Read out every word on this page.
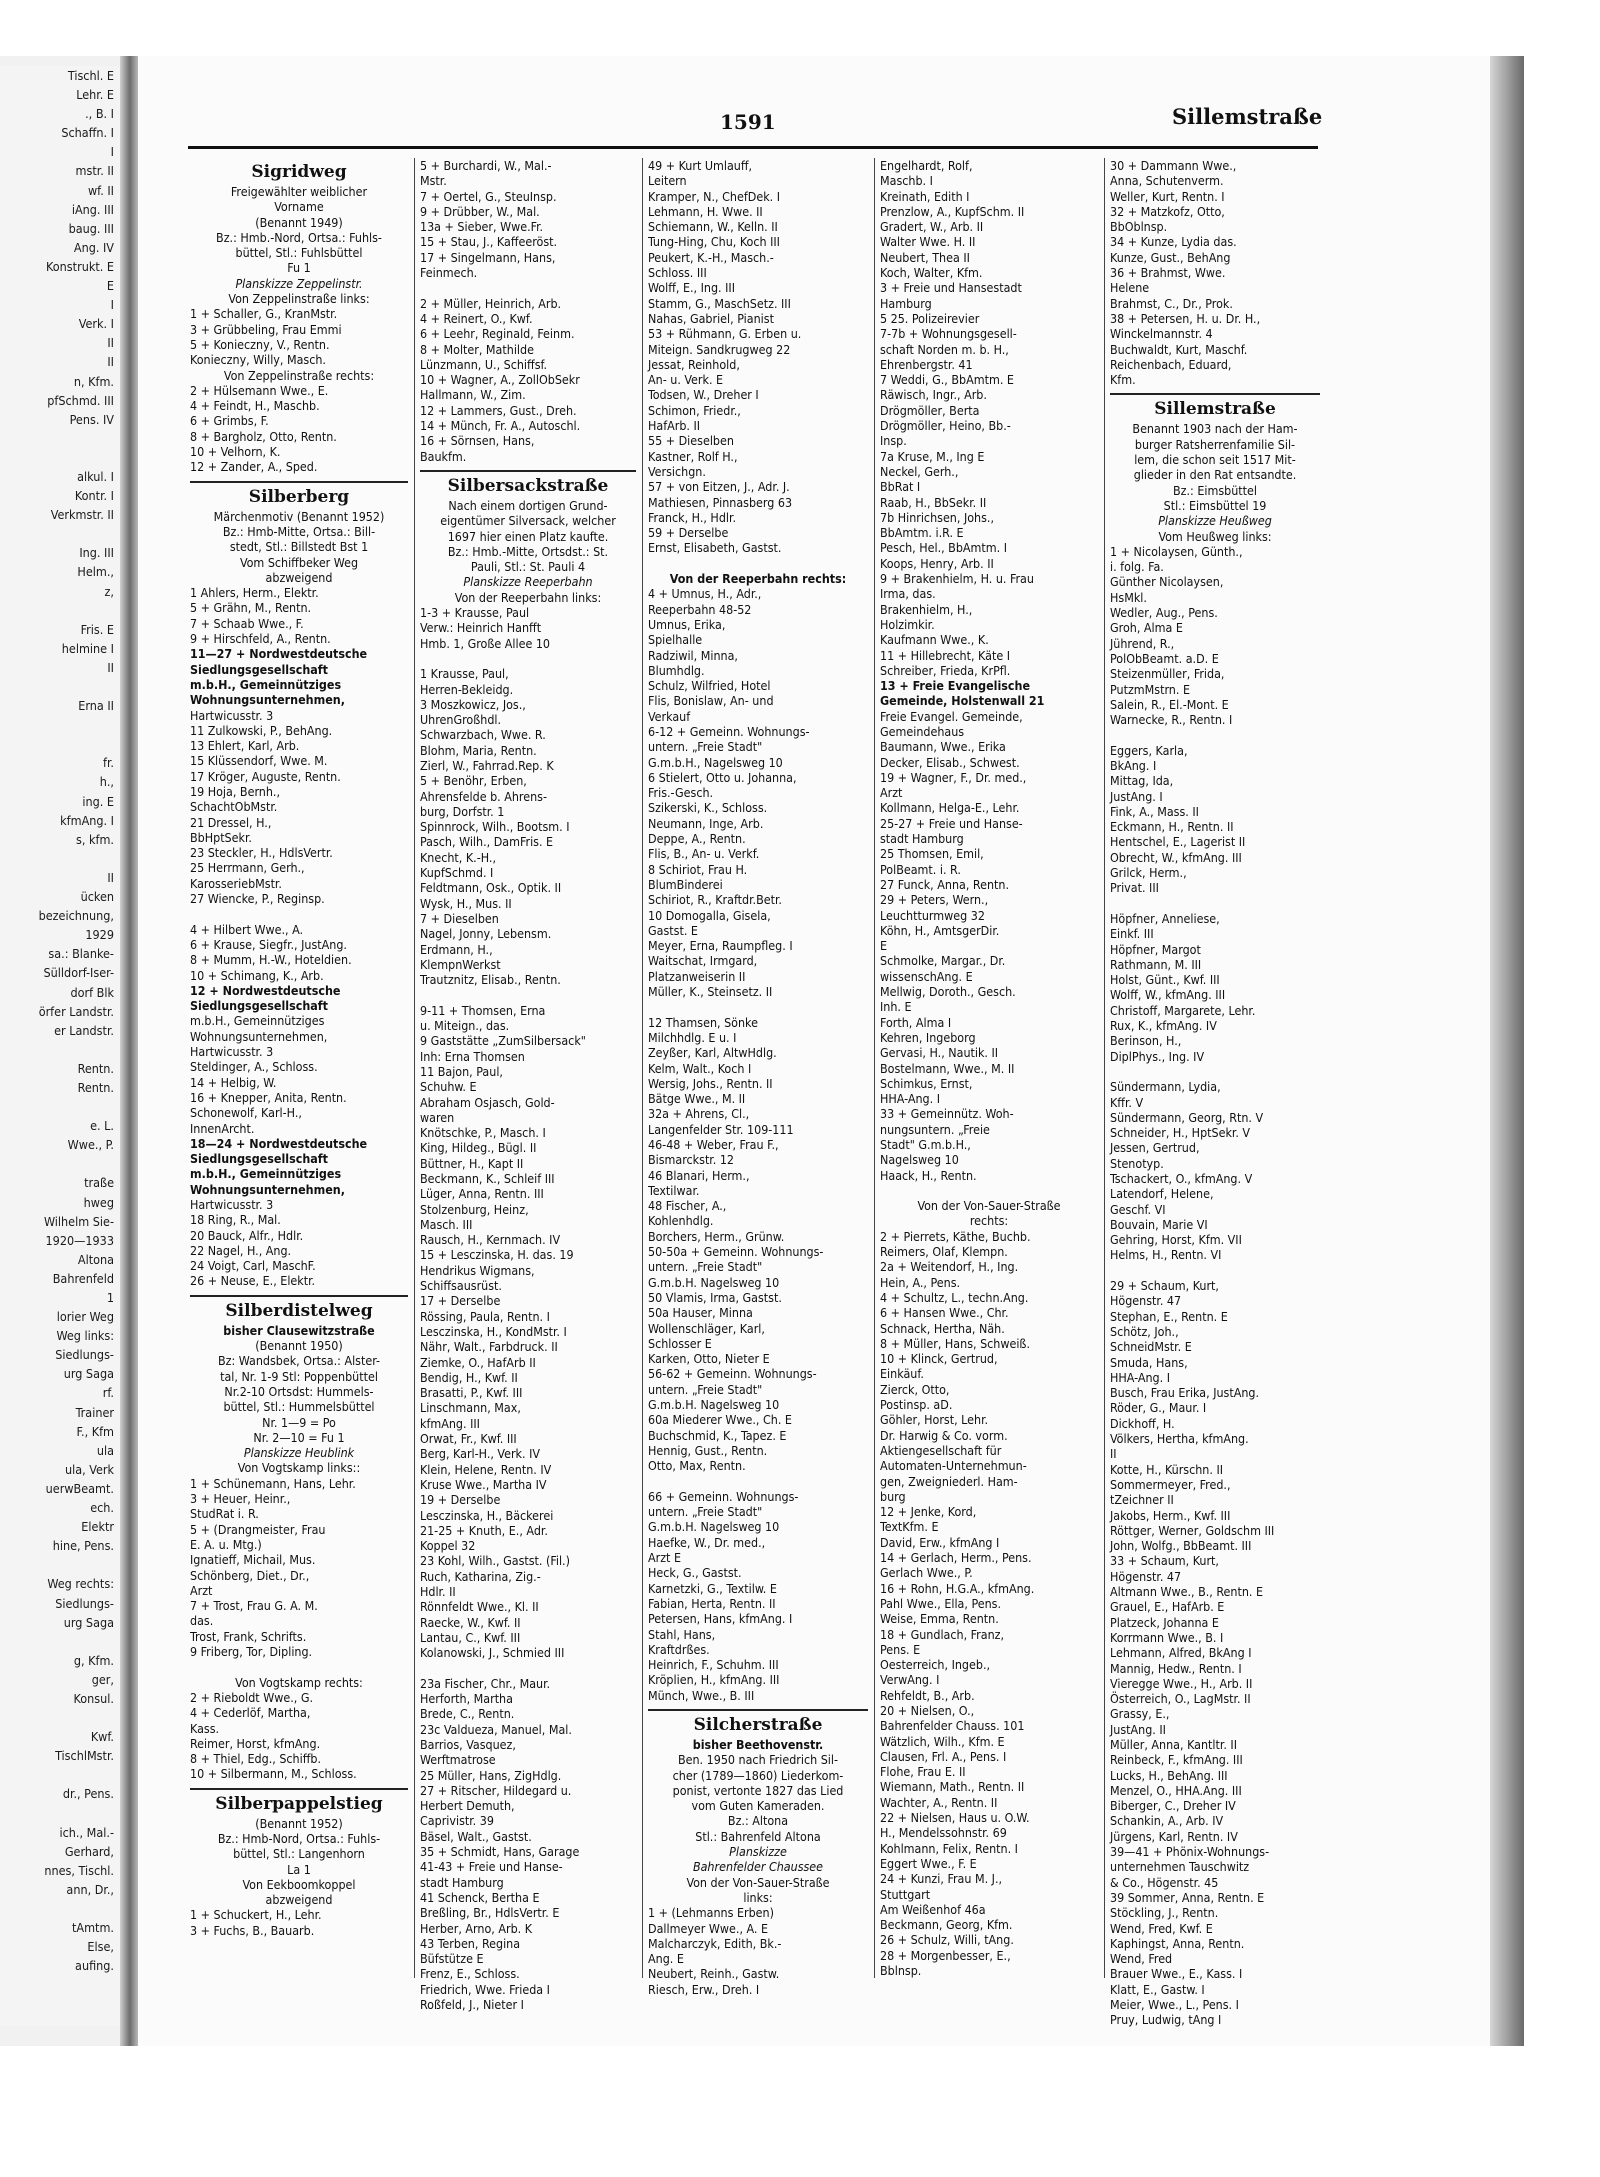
Tischl. E
Lehr. E
., B. I
Schaffn. I
I
mstr. II
wf. II
iAng. III
baug. III
Ang. IV
Konstrukt. E
E
I
Verk. I
II
II
n, Kfm.
pfSchmd. III
Pens. IV

alkul. I
Kontr. I
Verkmstr. II

Ing. III
Helm.,
z,

Fris. E
helmine I
II

Erna II

fr.
h.,
ing. E
kfmAng. I
s, kfm.

II
ücken
bezeichnung,
1929
sa.: Blanke-
Sülldorf-Iser-
dorf Blk
örfer Landstr.
er Landstr.

Rentn.
Rentn.

e. L.
Wwe., P.

traße
hweg
Wilhelm Sie-
1920—1933
Altona
Bahrenfeld
1
lorier Weg
Weg links:
Siedlungs-
urg Saga
rf.
Trainer
F., Kfm
ula
ula, Verk
uerwBeamt.
ech.
Elektr
hine, Pens.

Weg rechts:
Siedlungs-
urg Saga

g, Kfm.
ger,
Konsul.

Kwf.
TischlMstr.

dr., Pens.

ich., Mal.-
Gerhard,
nnes, Tischl.
ann, Dr.,

tAmtm.
Else,
aufing.
1591	Sillemstraße
Sigridweg
Freigewählter weiblicher
Vorname
(Benannt 1949)
Bz.: Hmb.-Nord, Ortsa.: Fuhls-
büttel, Stl.: Fuhlsbüttel
Fu 1
Planskizze Zeppelinstr.
Von Zeppelinstraße links:
1 + Schaller, G., KranMstr.
3 + Grübbeling, Frau Emmi
5 + Konieczny, V., Rentn.
Konieczny, Willy, Masch.
Von Zeppelinstraße rechts:
2 + Hülsemann Wwe., E.
4 + Feindt, H., Maschb.
6 + Grimbs, F.
8 + Bargholz, Otto, Rentn.
10 + Velhorn, K.
12 + Zander, A., Sped.
Silberberg
Märchenmotiv (Benannt 1952)
Bz.: Hmb-Mitte, Ortsa.: Bill-
stedt, Stl.: Billstedt Bst 1
Vom Schiffbeker Weg
abzweigend
1 Ahlers, Herm., Elektr.
5 + Grähn, M., Rentn.
7 + Schaab Wwe., F.
9 + Hirschfeld, A., Rentn.
11—27 + Nordwestdeutsche
Siedlungsgesellschaft
m.b.H., Gemeinnütziges
Wohnungsunternehmen,
Hartwicusstr. 3
11 Zulkowski, P., BehAng.
13 Ehlert, Karl, Arb.
15 Klüssendorf, Wwe. M.
17 Kröger, Auguste, Rentn.
19 Hoja, Bernh.,
SchachtObMstr.
21 Dressel, H.,
BbHptSekr.
23 Steckler, H., HdlsVertr.
25 Herrmann, Gerh.,
KarosseriebMstr.
27 Wiencke, P., Reginsp.

4 + Hilbert Wwe., A.
6 + Krause, Siegfr., JustAng.
8 + Mumm, H.-W., Hoteldien.
10 + Schimang, K., Arb.
12 + Nordwestdeutsche
Siedlungsgesellschaft
m.b.H., Gemeinnütziges
Wohnungsunternehmen,
Hartwicusstr. 3
Steldinger, A., Schloss.
14 + Helbig, W.
16 + Knepper, Anita, Rentn.
Schonewolf, Karl-H.,
InnenArcht.
18—24 + Nordwestdeutsche
Siedlungsgesellschaft
m.b.H., Gemeinnütziges
Wohnungsunternehmen,
Hartwicusstr. 3
18 Ring, R., Mal.
20 Bauck, Alfr., Hdlr.
22 Nagel, H., Ang.
24 Voigt, Carl, MaschF.
26 + Neuse, E., Elektr.
Silberdistelweg
bisher Clausewitzstraße
(Benannt 1950)
Bz: Wandsbek, Ortsa.: Alster-
tal, Nr. 1-9 Stl: Poppenbüttel
Nr.2-10 Ortsdst: Hummels-
büttel, Stl.: Hummelsbüttel
Nr. 1—9 = Po
Nr. 2—10 = Fu 1
Planskizze Heublink
Von Vogtskamp links::
1 + Schünemann, Hans, Lehr.
3 + Heuer, Heinr.,
StudRat i. R.
5 + (Drangmeister, Frau
E. A. u. Mtg.)
Ignatieff, Michail, Mus.
Schönberg, Diet., Dr.,
Arzt
7 + Trost, Frau G. A. M.
das.
Trost, Frank, Schrifts.
9 Friberg, Tor, Dipling.

Von Vogtskamp rechts:
2 + Rieboldt Wwe., G.
4 + Cederlöf, Martha,
Kass.
Reimer, Horst, kfmAng.
8 + Thiel, Edg., Schiffb.
10 + Silbermann, M., Schloss.
Silberpappelstieg
(Benannt 1952)
Bz.: Hmb-Nord, Ortsa.: Fuhls-
büttel, Stl.: Langenhorn
La 1
Von Eekboomkoppel
abzweigend
1 + Schuckert, H., Lehr.
3 + Fuchs, B., Bauarb.
5 + Burchardi, W., Mal.-
Mstr.
7 + Oertel, G., SteuInsp.
9 + Drübber, W., Mal.
13a + Sieber, Wwe.Fr.
15 + Stau, J., Kaffeeröst.
17 + Singelmann, Hans,
Feinmech.

2 + Müller, Heinrich, Arb.
4 + Reinert, O., Kwf.
6 + Leehr, Reginald, Feinm.
8 + Molter, Mathilde
Lünzmann, U., Schiffsf.
10 + Wagner, A., ZollObSekr
Hallmann, W., Zim.
12 + Lammers, Gust., Dreh.
14 + Münch, Fr. A., Autoschl.
16 + Sörnsen, Hans,
Baukfm.
Silbersackstraße
Nach einem dortigen Grund-
eigentümer Silversack, welcher
1697 hier einen Platz kaufte.
Bz.: Hmb.-Mitte, Ortsdst.: St.
Pauli, Stl.: St. Pauli 4
Planskizze Reeperbahn
Von der Reeperbahn links:
1-3 + Krausse, Paul
Verw.: Heinrich Hanfft
Hmb. 1, Große Allee 10

1 Krausse, Paul,
Herren-Bekleidg.
3 Moszkowicz, Jos.,
UhrenGroßhdl.
Schwarzbach, Wwe. R.
Blohm, Maria, Rentn.
Zierl, W., Fahrrad.Rep. K
5 + Benöhr, Erben,
Ahrensfelde b. Ahrens-
burg, Dorfstr. 1
Spinnrock, Wilh., Bootsm. I
Pasch, Wilh., DamFris. E
Knecht, K.-H.,
KupfSchmd. I
Feldtmann, Osk., Optik. II
Wysk, H., Mus. II
7 + Dieselben
Nagel, Jonny, Lebensm.
Erdmann, H.,
KlempnWerkst
Trautznitz, Elisab., Rentn.

9-11 + Thomsen, Erna
u. Miteign., das.
9 Gaststätte „ZumSilbersack"
Inh: Erna Thomsen
11 Bajon, Paul,
Schuhw. E
Abraham Osjasch, Gold-
waren
Knötschke, P., Masch. I
King, Hildeg., Bügl. II
Büttner, H., Kapt II
Beckmann, K., Schleif III
Lüger, Anna, Rentn. III
Stolzenburg, Heinz,
Masch. III
Rausch, H., Kernmach. IV
15 + Lesczinska, H. das. 19
Hendrikus Wigmans,
Schiffsausrüst.
17 + Derselbe
Rössing, Paula, Rentn. I
Lesczinska, H., KondMstr. I
Nähr, Walt., Farbdruck. II
Ziemke, O., HafArb II
Bendig, H., Kwf. II
Brasatti, P., Kwf. III
Linschmann, Max,
kfmAng. III
Orwat, Fr., Kwf. III
Berg, Karl-H., Verk. IV
Klein, Helene, Rentn. IV
Kruse Wwe., Martha IV
19 + Derselbe
Lesczinska, H., Bäckerei
21-25 + Knuth, E., Adr.
Koppel 32
23 Kohl, Wilh., Gastst. (Fil.)
Ruch, Katharina, Zig.-
Hdlr. II
Rönnfeldt Wwe., Kl. II
Raecke, W., Kwf. II
Lantau, C., Kwf. III
Kolanowski, J., Schmied III

23a Fischer, Chr., Maur.
Herforth, Martha
Brede, C., Rentn.
23c Valdueza, Manuel, Mal.
Barrios, Vasquez,
Werftmatrose
25 Müller, Hans, ZigHdlg.
27 + Ritscher, Hildegard u.
Herbert Demuth,
Caprivistr. 39
Bäsel, Walt., Gastst.
35 + Schmidt, Hans, Garage
41-43 + Freie und Hanse-
stadt Hamburg
41 Schenck, Bertha E
Breßling, Br., HdlsVertr. E
Herber, Arno, Arb. K
43 Terben, Regina
Büfstütze E
Frenz, E., Schloss.
Friedrich, Wwe. Frieda I
Roßfeld, J., Nieter I
49 + Kurt Umlauff,
Leitern
Kramper, N., ChefDek. I
Lehmann, H. Wwe. II
Schiemann, W., Kelln. II
Tung-Hing, Chu, Koch III
Peukert, K.-H., Masch.-
Schloss. III
Wolff, E., Ing. III
Stamm, G., MaschSetz. III
Nahas, Gabriel, Pianist
53 + Rühmann, G. Erben u.
Miteign. Sandkrugweg 22
Jessat, Reinhold,
An- u. Verk. E
Todsen, W., Dreher I
Schimon, Friedr.,
HafArb. II
55 + Dieselben
Kastner, Rolf H.,
Versichgn.
57 + von Eitzen, J., Adr. J.
Mathiesen, Pinnasberg 63
Franck, H., Hdlr.
59 + Derselbe
Ernst, Elisabeth, Gastst.

Von der Reeperbahn rechts:
4 + Umnus, H., Adr.,
Reeperbahn 48-52
Umnus, Erika,
Spielhalle
Radziwil, Minna,
Blumhdlg.
Schulz, Wilfried, Hotel
Flis, Bonislaw, An- und
Verkauf
6-12 + Gemeinn. Wohnungs-
untern. „Freie Stadt"
G.m.b.H., Nagelsweg 10
6 Stielert, Otto u. Johanna,
Fris.-Gesch.
Szikerski, K., Schloss.
Neumann, Inge, Arb.
Deppe, A., Rentn.
Flis, B., An- u. Verkf.
8 Schiriot, Frau H.
BlumBinderei
Schiriot, R., Kraftdr.Betr.
10 Domogalla, Gisela,
Gastst. E
Meyer, Erna, Raumpfleg. I
Waitschat, Irmgard,
Platzanweiserin II
Müller, K., Steinsetz. II

12 Thamsen, Sönke
Milchhdlg. E u. I
Zeyßer, Karl, AltwHdlg.
Kelm, Walt., Koch I
Wersig, Johs., Rentn. II
Bätge Wwe., M. II
32a + Ahrens, Cl.,
Langenfelder Str. 109-111
46-48 + Weber, Frau F.,
Bismarckstr. 12
46 Blanari, Herm.,
Textilwar.
48 Fischer, A.,
Kohlenhdlg.
Borchers, Herm., Grünw.
50-50a + Gemeinn. Wohnungs-
untern. „Freie Stadt"
G.m.b.H. Nagelsweg 10
50 Vlamis, Irma, Gastst.
50a Hauser, Minna
Wollenschläger, Karl,
Schlosser E
Karken, Otto, Nieter E
56-62 + Gemeinn. Wohnungs-
untern. „Freie Stadt"
G.m.b.H. Nagelsweg 10
60a Miederer Wwe., Ch. E
Buchschmid, K., Tapez. E
Hennig, Gust., Rentn.
Otto, Max, Rentn.

66 + Gemeinn. Wohnungs-
untern. „Freie Stadt"
G.m.b.H. Nagelsweg 10
Haefke, W., Dr. med.,
Arzt E
Heck, G., Gastst.
Karnetzki, G., Textilw. E
Fabian, Herta, Rentn. II
Petersen, Hans, kfmAng. I
Stahl, Hans,
Kraftdrßes.
Heinrich, F., Schuhm. III
Kröplien, H., kfmAng. III
Münch, Wwe., B. III
Silcherstraße
bisher Beethovenstr.
Ben. 1950 nach Friedrich Sil-
cher (1789—1860) Liederkom-
ponist, vertonte 1827 das Lied
vom Guten Kameraden.
Bz.: Altona
Stl.: Bahrenfeld Altona
Planskizze
Bahrenfelder Chaussee
Von der Von-Sauer-Straße
links:
1 + (Lehmanns Erben)
Dallmeyer Wwe., A. E
Malcharczyk, Edith, Bk.-
Ang. E
Neubert, Reinh., Gastw.
Riesch, Erw., Dreh. I
Engelhardt, Rolf,
Maschb. I
Kreinath, Edith I
Prenzlow, A., KupfSchm. II
Gradert, W., Arb. II
Walter Wwe. H. II
Neubert, Thea II
Koch, Walter, Kfm.
3 + Freie und Hansestadt
Hamburg
5 25. Polizeirevier
7-7b + Wohnungsgesell-
schaft Norden m. b. H.,
Ehrenbergstr. 41
7 Weddi, G., BbAmtm. E
Räwisch, Ingr., Arb.
Drögmöller, Berta
Drögmöller, Heino, Bb.-
Insp.
7a Kruse, M., Ing E
Neckel, Gerh.,
BbRat I
Raab, H., BbSekr. II
7b Hinrichsen, Johs.,
BbAmtm. i.R. E
Pesch, Hel., BbAmtm. I
Koops, Henry, Arb. II
9 + Brakenhielm, H. u. Frau
Irma, das.
Brakenhielm, H.,
Holzimkir.
Kaufmann Wwe., K.
11 + Hillebrecht, Käte I
Schreiber, Frieda, KrPfl.
13 + Freie Evangelische
Gemeinde, Holstenwall 21
Freie Evangel. Gemeinde,
Gemeindehaus
Baumann, Wwe., Erika
Decker, Elisab., Schwest.
19 + Wagner, F., Dr. med.,
Arzt
Kollmann, Helga-E., Lehr.
25-27 + Freie und Hanse-
stadt Hamburg
25 Thomsen, Emil,
PolBeamt. i. R.
27 Funck, Anna, Rentn.
29 + Peters, Wern.,
Leuchtturmweg 32
Köhn, H., AmtsgerDir.
E
Schmolke, Margar., Dr.
wissenschAng. E
Mellwig, Doroth., Gesch.
Inh. E
Forth, Alma I
Kehren, Ingeborg
Gervasi, H., Nautik. II
Bostelmann, Wwe., M. II
Schimkus, Ernst,
HHA-Ang. I
33 + Gemeinnütz. Woh-
nungsuntern. „Freie
Stadt" G.m.b.H.,
Nagelsweg 10
Haack, H., Rentn.

Von der Von-Sauer-Straße
rechts:
2 + Pierrets, Käthe, Buchb.
Reimers, Olaf, Klempn.
2a + Weitendorf, H., Ing.
Hein, A., Pens.
4 + Schultz, L., techn.Ang.
6 + Hansen Wwe., Chr.
Schnack, Hertha, Näh.
8 + Müller, Hans, Schweiß.
10 + Klinck, Gertrud,
Einkäuf.
Zierck, Otto,
Postinsp. aD.
Göhler, Horst, Lehr.
Dr. Harwig & Co. vorm.
Aktiengesellschaft für
Automaten-Unternehmun-
gen, Zweigniederl. Ham-
burg
12 + Jenke, Kord,
TextKfm. E
David, Erw., kfmAng I
14 + Gerlach, Herm., Pens.
Gerlach Wwe., P.
16 + Rohn, H.G.A., kfmAng.
Pahl Wwe., Ella, Pens.
Weise, Emma, Rentn.
18 + Gundlach, Franz,
Pens. E
Oesterreich, Ingeb.,
VerwAng. I
Rehfeldt, B., Arb.
20 + Nielsen, O.,
Bahrenfelder Chauss. 101
Wätzlich, Wilh., Kfm. E
Clausen, Frl. A., Pens. I
Flohe, Frau E. II
Wiemann, Math., Rentn. II
Wachter, A., Rentn. II
22 + Nielsen, Haus u. O.W.
H., Mendelssohnstr. 69
Kohlmann, Felix, Rentn. I
Eggert Wwe., F. E
24 + Kunzi, Frau M. J.,
Stuttgart
Am Weißenhof 46a
Beckmann, Georg, Kfm.
26 + Schulz, Willi, tAng.
28 + Morgenbesser, E.,
Bblnsp.
30 + Dammann Wwe.,
Anna, Schutenverm.
Weller, Kurt, Rentn. I
32 + Matzkofz, Otto,
BbOblnsp.
34 + Kunze, Lydia das.
Kunze, Gust., BehAng
36 + Brahmst, Wwe.
Helene
Brahmst, C., Dr., Prok.
38 + Petersen, H. u. Dr. H.,
Winckelmannstr. 4
Buchwaldt, Kurt, Maschf.
Reichenbach, Eduard,
Kfm.
Sillemstraße
Benannt 1903 nach der Ham-
burger Ratsherrenfamilie Sil-
lem, die schon seit 1517 Mit-
glieder in den Rat entsandte.
Bz.: Eimsbüttel
Stl.: Eimsbüttel 19
Planskizze Heußweg
Vom Heußweg links:
1 + Nicolaysen, Günth.,
i. folg. Fa.
Günther Nicolaysen,
HsMkl.
Wedler, Aug., Pens.
Groh, Alma E
Jührend, R.,
PolObBeamt. a.D. E
Steizenmüller, Frida,
PutzmMstrn. E
Salein, R., El.-Mont. E
Warnecke, R., Rentn. I

Eggers, Karla,
BkAng. I
Mittag, Ida,
JustAng. I
Fink, A., Mass. II
Eckmann, H., Rentn. II
Hentschel, E., Lagerist II
Obrecht, W., kfmAng. III
Grilck, Herm.,
Privat. III

Höpfner, Anneliese,
Einkf. III
Höpfner, Margot
Rathmann, M. III
Holst, Günt., Kwf. III
Wolff, W., kfmAng. III
Christoff, Margarete, Lehr.
Rux, K., kfmAng. IV
Berinson, H.,
DiplPhys., Ing. IV

Sündermann, Lydia,
Kffr. V
Sündermann, Georg, Rtn. V
Schneider, H., HptSekr. V
Jessen, Gertrud,
Stenotyp.
Tschackert, O., kfmAng. V
Latendorf, Helene,
Geschf. VI
Bouvain, Marie VI
Gehring, Horst, Kfm. VII
Helms, H., Rentn. VI

29 + Schaum, Kurt,
Högenstr. 47
Stephan, E., Rentn. E
Schötz, Joh.,
SchneidMstr. E
Smuda, Hans,
HHA-Ang. I
Busch, Frau Erika, JustAng.
Röder, G., Maur. I
Dickhoff, H.
Völkers, Hertha, kfmAng.
II
Kotte, H., Kürschn. II
Sommermeyer, Fred.,
tZeichner II
Jakobs, Herm., Kwf. III
Röttger, Werner, Goldschm III
John, Wolfg., BbBeamt. III
33 + Schaum, Kurt,
Högenstr. 47
Altmann Wwe., B., Rentn. E
Grauel, E., HafArb. E
Platzeck, Johanna E
Korrmann Wwe., B. I
Lehmann, Alfred, BkAng I
Mannig, Hedw., Rentn. I
Vieregge Wwe., H., Arb. II
Österreich, O., LagMstr. II
Grassy, E.,
JustAng. II
Müller, Anna, Kantltr. II
Reinbeck, F., kfmAng. III
Lucks, H., BehAng. III
Menzel, O., HHA.Ang. III
Biberger, C., Dreher IV
Schankin, A., Arb. IV
Jürgens, Karl, Rentn. IV
39—41 + Phönix-Wohnungs-
unternehmen Tauschwitz
& Co., Högenstr. 45
39 Sommer, Anna, Rentn. E
Stöckling, J., Rentn.
Wend, Fred, Kwf. E
Kaphingst, Anna, Rentn.
Wend, Fred
Brauer Wwe., E., Kass. I
Klatt, E., Gastw. I
Meier, Wwe., L., Pens. I
Pruy, Ludwig, tAng I
